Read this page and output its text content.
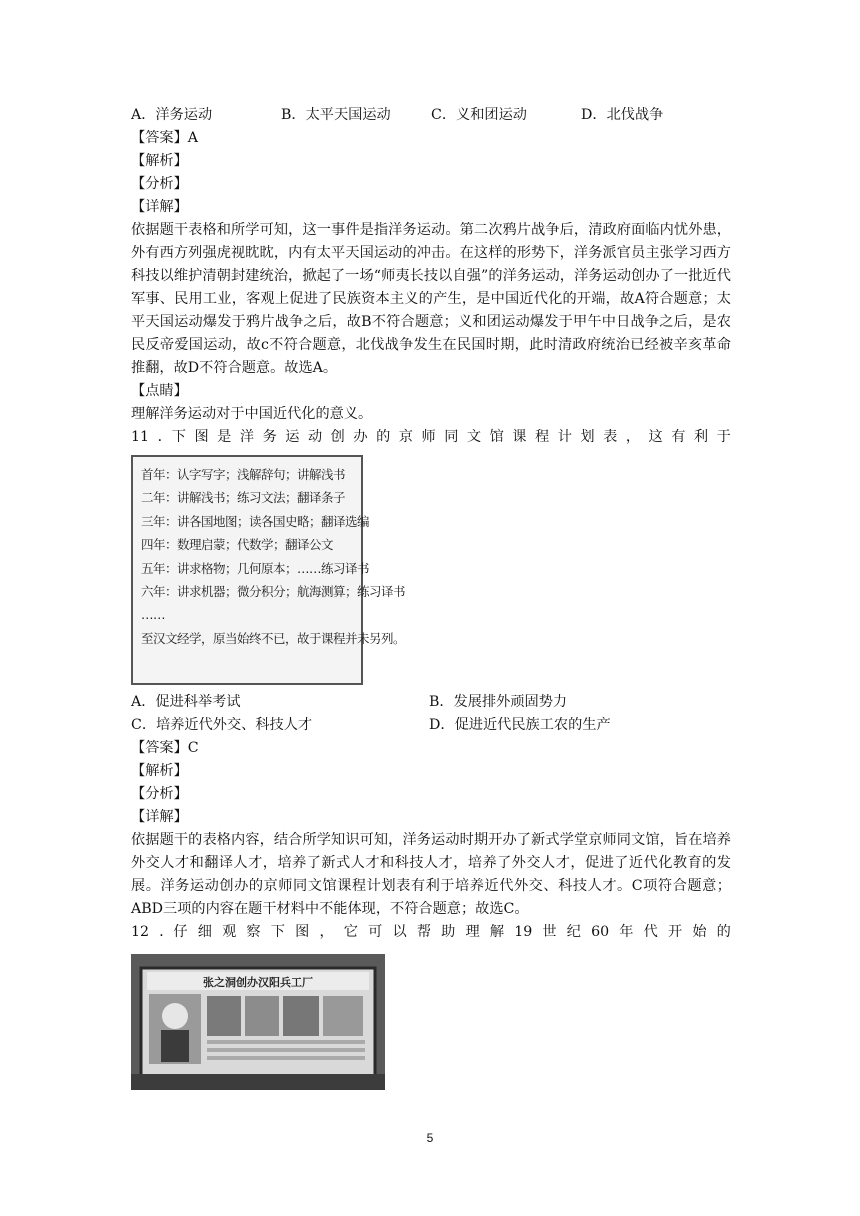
A．洋务运动	B．太平天国运动	C．义和团运动	D．北伐战争
【答案】A
【解析】
【分析】
【详解】
依据题干表格和所学可知，这一事件是指洋务运动。第二次鸦片战争后，清政府面临内忧外患，外有西方列强虎视眈眈，内有太平天国运动的冲击。在这样的形势下，洋务派官员主张学习西方科技以维护清朝封建统治，掀起了一场“师夷长技以自强”的洋务运动，洋务运动创办了一批近代军事、民用工业，客观上促进了民族资本主义的产生，是中国近代化的开端，故A符合题意；太平天国运动爆发于鸦片战争之后，故B不符合题意；义和团运动爆发于甲午中日战争之后，是农民反帝爱国运动，故c不符合题意，北伐战争发生在民国时期，此时清政府统治已经被辛亥革命推翻，故D不符合题意。故选A。
【点睛】
理解洋务运动对于中国近代化的意义。
11 ．下 图 是 洋 务 运 动 创 办 的 京 师 同 文 馆 课 程 计 划 表 ， 这 有 利 于
首年：认字写字；浅解辞句；讲解浅书
二年：讲解浅书；练习文法；翻译条子
三年：讲各国地图；读各国史略；翻译选编
四年：数理启蒙；代数学；翻译公文
五年：讲求格物；几何原本；……练习译书
六年：讲求机器；微分积分；航海测算；练习译书
……
至汉文经学，原当始终不已，故于课程并未另列。
A．促进科举考试	B．发展排外顽固势力
C．培养近代外交、科技人才	D．促进近代民族工农的生产
【答案】C
【解析】
【分析】
【详解】
依据题干的表格内容，结合所学知识可知，洋务运动时期开办了新式学堂京师同文馆，旨在培养外交人才和翻译人才，培养了新式人才和科技人才，培养了外交人才，促进了近代化教育的发展。洋务运动创办的京师同文馆课程计划表有利于培养近代外交、科技人才。C项符合题意；ABD三项的内容在题干材料中不能体现，不符合题意；故选C。
12 ．仔 细 观 察 下 图 ， 它 可 以 帮 助 理 解 19 世 纪 60 年 代 开 始 的
张之洞创办汉阳兵工厂
5
